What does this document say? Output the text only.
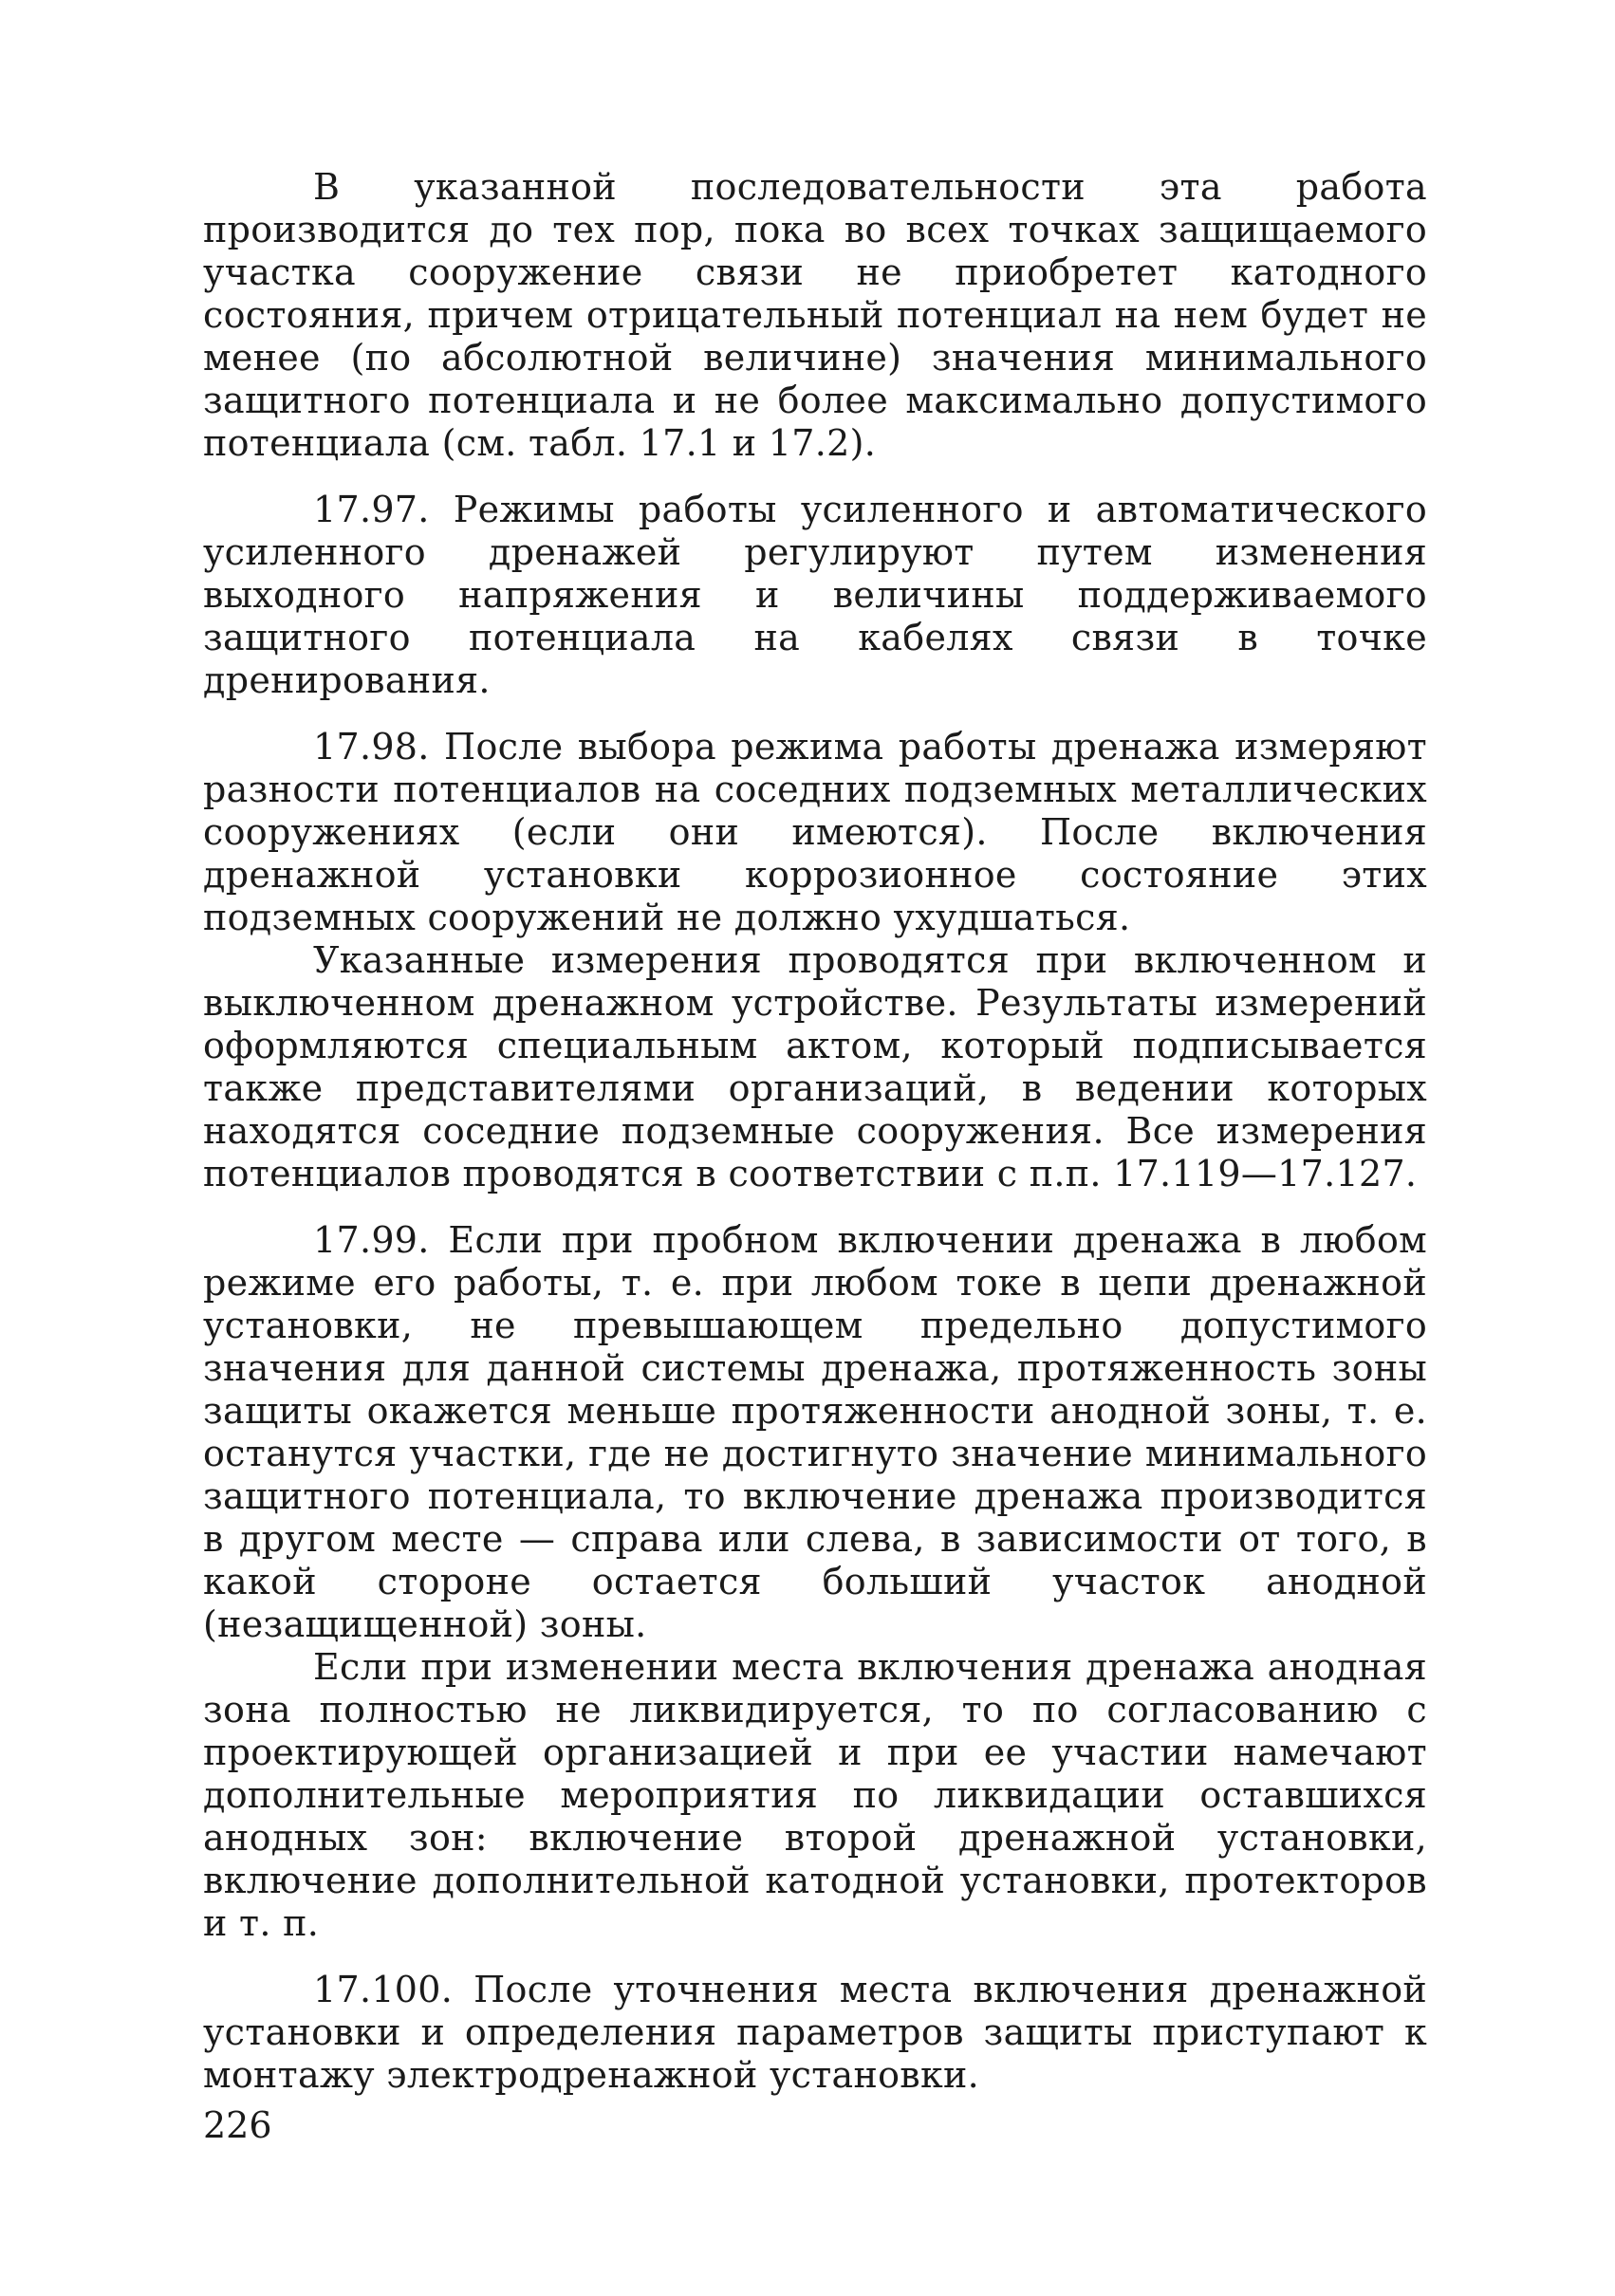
В указанной последовательности эта работа производится до тех пор, пока во всех точках защищаемого участка сооружение связи не приобретет катодного состояния, причем отрицательный потенциал на нем будет не менее (по абсолютной величине) значения минимального защитного потенциала и не более максимально допустимого потенциала (см. табл. 17.1 и 17.2).

17.97. Режимы работы усиленного и автоматического усиленного дренажей регулируют путем изменения выходного напряжения и величины поддерживаемого защитного потенциала на кабелях связи в точке дренирования.

17.98. После выбора режима работы дренажа измеряют разности потенциалов на соседних подземных металлических сооружениях (если они имеются). После включения дренажной установки коррозионное состояние этих подземных сооружений не должно ухудшаться.

Указанные измерения проводятся при включенном и выключенном дренажном устройстве. Результаты измерений оформляются специальным актом, который подписывается также представителями организаций, в ведении которых находятся соседние подземные сооружения. Все измерения потенциалов проводятся в соответствии с п.п. 17.119—17.127.

17.99. Если при пробном включении дренажа в любом режиме его работы, т. е. при любом токе в цепи дренажной установки, не превышающем предельно допустимого значения для данной системы дренажа, протяженность зоны защиты окажется меньше протяженности анодной зоны, т. е. останутся участки, где не достигнуто значение минимального защитного потенциала, то включение дренажа производится в другом месте — справа или слева, в зависимости от того, в какой стороне остается больший участок анодной (незащищенной) зоны.

Если при изменении места включения дренажа анодная зона полностью не ликвидируется, то по согласованию с проектирующей организацией и при ее участии намечают дополнительные мероприятия по ликвидации оставшихся анодных зон: включение второй дренажной установки, включение дополнительной катодной установки, протекторов и т. п.

17.100. После уточнения места включения дренажной установки и определения параметров защиты приступают к монтажу электродренажной установки.

226
